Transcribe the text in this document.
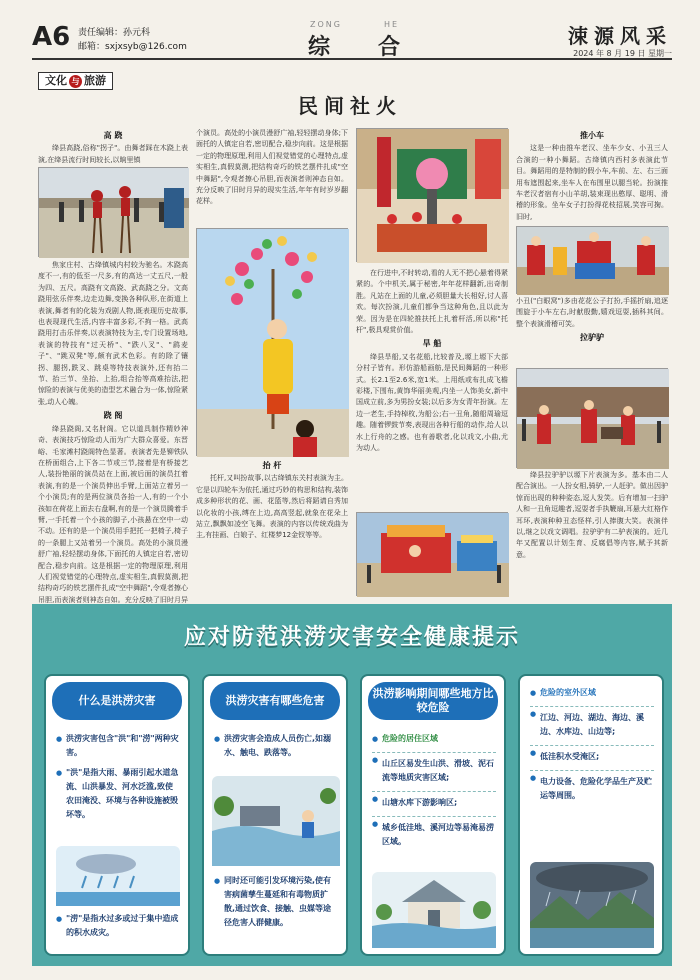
A6 责任编辑：孙元科
邮箱：sxjxsyb@126.com
ZONG	HE
综 合	涑源风采
2024 年 8 月 19 日 星期一
文化 与 旅游
民间社火
高 跷

绛县高跷,俗称"拐子"。由舞者踩在木跷上表演,在绛县流行时间较长,以晌里镇

焦家庄村、古绛镇城内村较为驰名。木跷高度不一,有的低至一尺多,有的高达一丈五尺,一般为四、五尺。高跷有文高跷、武高跷之分。文高跷用弦乐伴奏,边走边舞,变换各种队形,在街道上表演,舞者有的化装为戏剧人物,既表现历史故事,也表现现代生活,内容丰富多彩,不拘一格。武高跷用打击乐伴奏,以表演特技为主,专门设置场地,表演的特技有"过天桥"、"跌八叉"、"鹞麦子"、"跳双凳"等,颇有武术色彩。有的除了镶拐、腿拐,跌叉、跳桌等特技表演外,还有抬二节、抬三节、坐抬、上抬,组合抬等高难抬法,把惊险的表演与优美的造型艺术融合为一体,惊险紧张,动人心魄。

跷 阁

绛县跷阁,又名肘阁。它以道具制作精妙神奇、表演技巧惊险动人而为广大群众喜爱。东晋峪、毛家滩村跷阁特色显著。表演者先是铆铁队在桥面组合,上下各二节或三节,接着是有桥接艺人,装扮艳丽的演员站在上面,被后面的演员扛着表演,有的是一个演员伸出手臂,上面站立着另一个小演员;有的是两位演员各抬一人,有的一个小孩如在荷花上面去右盘啊,有的是一个演员腾着手臂,一手托着一个小孩的脚子,小孩悬在空中一动不动。还有的是一个演员用手把托一把椅子,椅子的一条腿上又站着另一个演员。高处的小演员漫舒广袖,轻轻摆动身体,下面托的人镇定自若,密切配合,稳步向前。这是根据一定的物理原理,利用人们视觉错觉的心理特点,虚实相生,真假莫测,把结构奇巧的铁艺摆件扎成"空中舞蹈",令观者擦心吊胆,而表演者则神态自如。充分反映了旧时月异

个演员。高处的小演员漫舒广袖,轻轻摆动身体;下面托的人镇定自若,密切配合,稳步向前。这是根据一定的物理原理,利用人们视觉错觉的心理特点,虚实相生,真假莫测,把结构奇巧的铁艺摆件扎成"空中舞蹈",令观者擦心吊胆,而表演者则神态自如。充分反映了旧时月异的现实生活,年年有时岁岁翻花样。

抬 杆

托杆,又叫扮故事,以古绛镇东关村表演为主。它是以四轮车为依托,通过巧妙的构思和结构,装饰成多种形状的花、画、花篮等,然后将蹈请自秀加以化妆的小孩,缚在上边,高高竖起,就象在花朵上站立,飘飘如凌空飞舞。表演的内容以传统戏曲为主,有挂画、白娘子、红楼梦12金钗等等。

在行进中,不时转动,看的人无不把心悬着得紧紧的。个中机关,属于秘密,年年花样翻新,出奇制胜。凡站在上面的儿童,必须胆量大长相好,讨人喜欢。每次扮演,儿童们都争当这种角色,且以此为荣。因为是在四轮推扶托上扎着杆活,所以称"托杆",极具观赏价值。

旱 船

绛县旱船,又名花船,比较普及,塬上塬下大部分村子皆有。形仿游船画舫,是民间舞蹈的一种形式。长2.1至2.6米,宽1米。上用纸或布扎成飞檐彩楼,下围布,黄饰华丽美观,内坐一人饰美女,新中国成立前,多为男扮女装;以后多为女青年扮演。左边一老生,手持棹枚,为船公;右一丑角,随船周瑜逗趣。随着锣鼓节奏,表现出各种行船的动作,给人以水上行舟的之感。也有善歌者,化以戏文,小曲,尤为动人。

推小车

这是一种由推车老汉、坐车少女、小丑三人合演的一种小舞蹈。古绛镇内西村多表演此节目。舞蹈用的是特制的假小车,车前、左、右三面用布遮围起来,坐车人在布围里以腿当轮。扮演推车老汉者宿有小山羊胡,装束现出憨厚、聪明、滑稽的形象。坐车女子打扮得花枝招展,笑容可掬。旧时,

小丑("白眼窝")多由花花公子打扮,手摇折扇,追逐围旋于小车左右,时献殷勤,嬉戏逗耍,插科其间。整个表演滑稽可笑。

拉驴驴

绛县拉驴驴以塬下片表演为多。基本由二人配合演出。一人扮女相,骑驴,一人赶驴。做出因驴惊而出现的种种姿态,逗人发笑。后有增加一扫驴人和一丑角逗趣者,逗耍者手执鞭扇,耳悬大红格作耳环,表演种种丑态怪样,引人捧腹大笑。表演伴以,继之以戏文调唱。拉驴驴有二驴表演的。近几年又配置以计划生育、反腐倡等内容,赋予其新意。

应对防范洪涝灾害安全健康提示
什么是洪涝灾害
● 洪涝灾害包含"洪"和"涝"两种灾害。
● "洪"是指大雨、暴雨引起水道急流、山洪暴发、河水泛滥,致使农田淹没、环境与各种设施被毁坏等。
● "涝"是指水过多或过于集中造成的积水成灾。
洪涝灾害有哪些危害
● 洪涝灾害会造成人员伤亡,如溺水、触电、跌落等。
● 同时还可能引发环境污染,使有害病菌孳生蔓延和有毒物质扩散,通过饮食、接触、虫媒等途径危害人群健康。
洪涝影响期间哪些地方比较危险
● 危险的居住区域
● 山丘区易发生山洪、滑坡、泥石流等地质灾害区域;
● 山塘水库下游影响区;
● 城乡低洼地、溪河边等易淹易涝区域。
● 危险的室外区域
● 江边、河边、湖边、海边、溪边、水库边、山边等;
● 低洼积水受淹区;
● 电力设备、危险化学品生产及贮运等周围。
